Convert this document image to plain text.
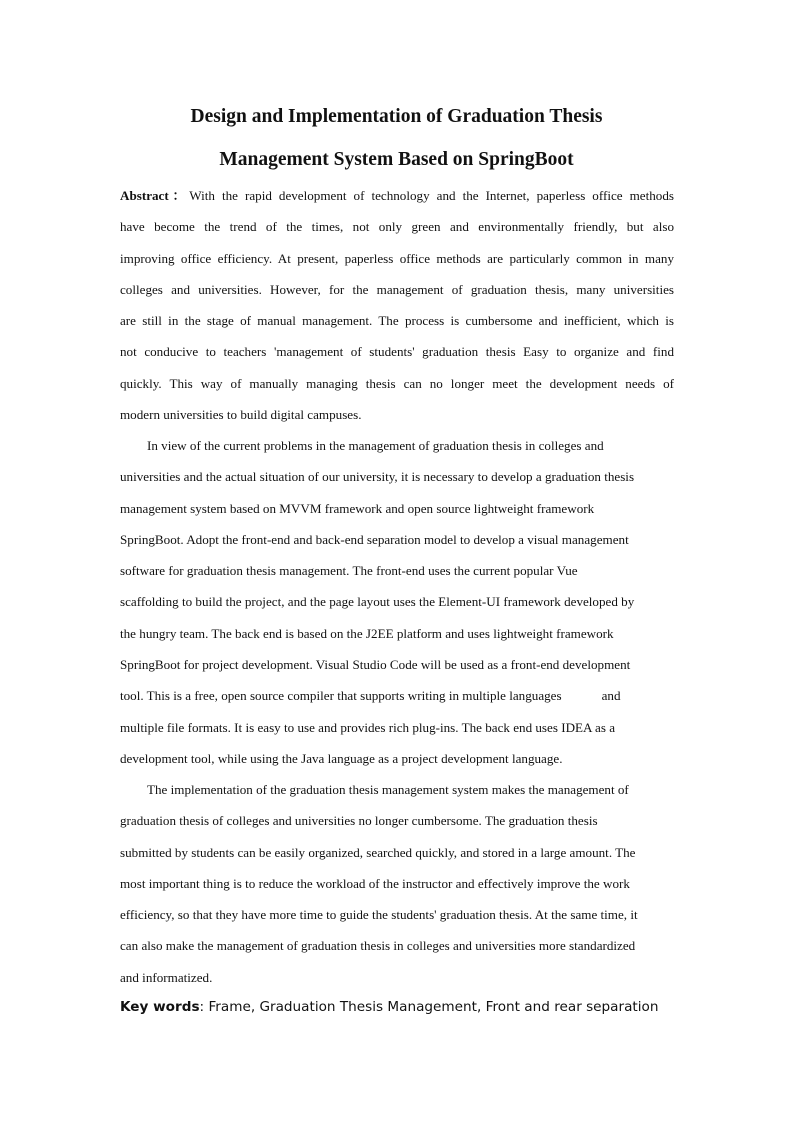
Design and Implementation of Graduation Thesis
Management System Based on SpringBoot
Abstract：With the rapid development of technology and the Internet, paperless office methods
have become the trend of the times, not only green and environmentally friendly, but also
improving office efficiency. At present, paperless office methods are particularly common in many
colleges and universities. However, for the management of graduation thesis, many universities
are still in the stage of manual management. The process is cumbersome and inefficient, which is
not conducive to teachers 'management of students' graduation thesis Easy to organize and find
quickly. This way of manually managing thesis can no longer meet the development needs of
modern universities to build digital campuses.
In view of the current problems in the management of graduation thesis in colleges and
universities and the actual situation of our university, it is necessary to develop a graduation thesis
management system based on MVVM framework and open source lightweight framework
SpringBoot. Adopt the front-end and back-end separation model to develop a visual management
software for graduation thesis management. The front-end uses the current popular Vue
scaffolding to build the project, and the page layout uses the Element-UI framework developed by
the hungry team. The back end is based on the J2EE platform and uses lightweight framework
SpringBoot for project development. Visual Studio Code will be used as a front-end development
tool. This is a free, open source compiler that supports writing in multiple languages	and
multiple file formats. It is easy to use and provides rich plug-ins. The back end uses IDEA as a
development tool, while using the Java language as a project development language.
The implementation of the graduation thesis management system makes the management of
graduation thesis of colleges and universities no longer cumbersome. The graduation thesis
submitted by students can be easily organized, searched quickly, and stored in a large amount. The
most important thing is to reduce the workload of the instructor and effectively improve the work
efficiency, so that they have more time to guide the students' graduation thesis. At the same time, it
can also make the management of graduation thesis in colleges and universities more standardized
and informatized.
Key words: Frame, Graduation Thesis Management, Front and rear separation
